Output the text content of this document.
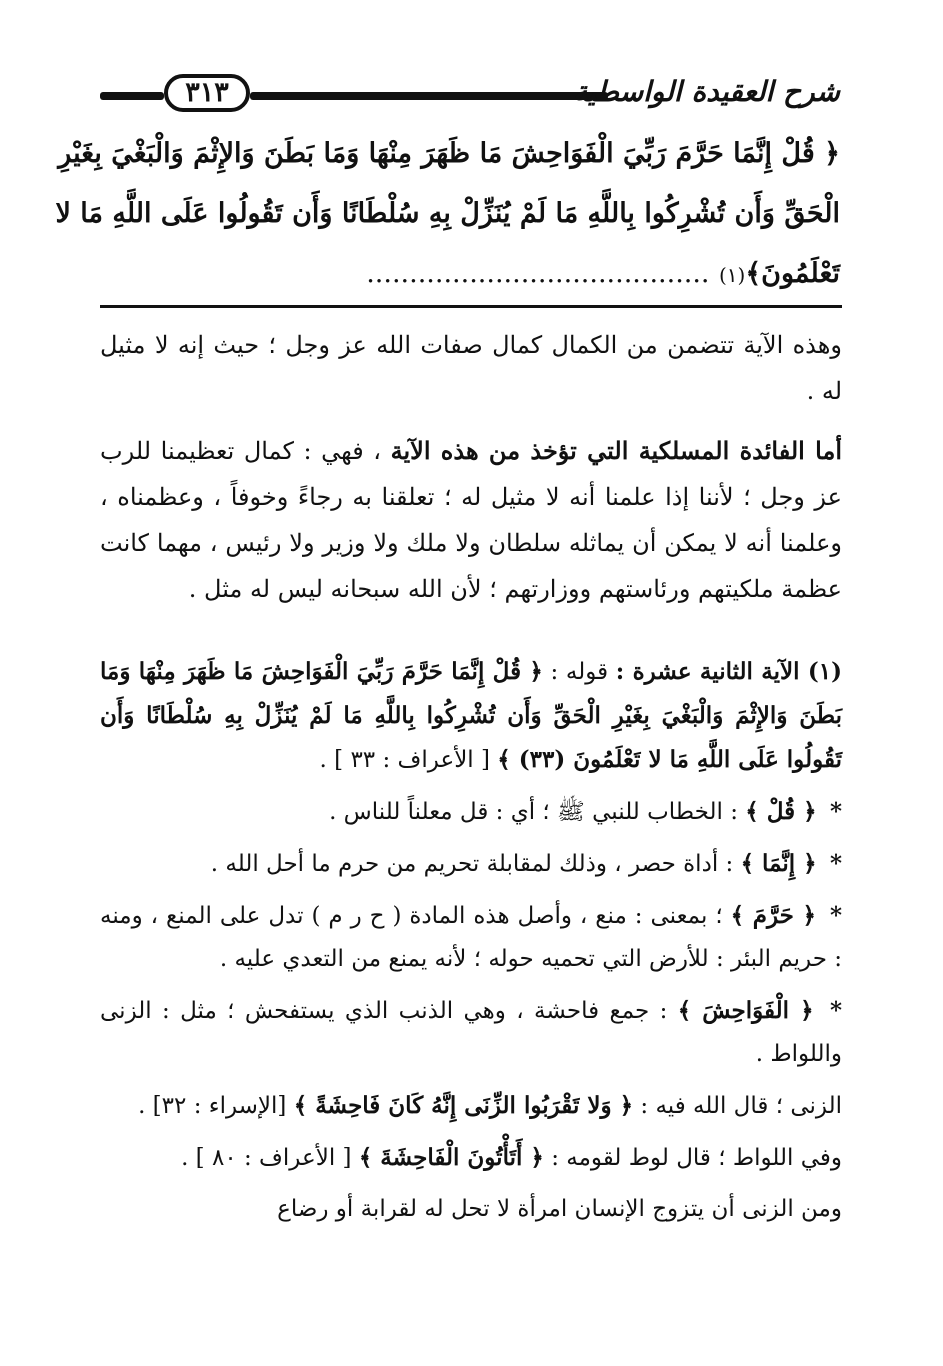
٣١٣	شرح العقيدة الواسطية
﴿ قُلْ إِنَّمَا حَرَّمَ رَبِّيَ الْفَوَاحِشَ مَا ظَهَرَ مِنْهَا وَمَا بَطَنَ وَالإِثْمَ وَالْبَغْيَ بِغَيْرِ
الْحَقِّ وَأَن تُشْرِكُوا بِاللَّهِ مَا لَمْ يُنَزِّلْ بِهِ سُلْطَانًا وَأَن تَقُولُوا عَلَى اللَّهِ مَا لا
تَعْلَمُونَ﴾(١) ........................................

وهذه الآية تتضمن من الكمال كمال صفات الله عز وجل ؛ حيث إنه لا مثيل له .

أما الفائدة المسلكية التي تؤخذ من هذه الآية ، فهي : كمال تعظيمنا للرب عز وجل ؛ لأننا إذا علمنا أنه لا مثيل له ؛ تعلقنا به رجاءً وخوفاً ، وعظمناه ، وعلمنا أنه لا يمكن أن يماثله سلطان ولا ملك ولا وزير ولا رئيس ، مهما كانت عظمة ملكيتهم ورئاستهم ووزارتهم ؛ لأن الله سبحانه ليس له مثل .

(١) الآية الثانية عشرة : قوله : ﴿ قُلْ إِنَّمَا حَرَّمَ رَبِّيَ الْفَوَاحِشَ مَا ظَهَرَ مِنْهَا وَمَا بَطَنَ وَالإِثْمَ وَالْبَغْيَ بِغَيْرِ الْحَقِّ وَأَن تُشْرِكُوا بِاللَّهِ مَا لَمْ يُنَزِّلْ بِهِ سُلْطَانًا وَأَن تَقُولُوا عَلَى اللَّهِ مَا لا تَعْلَمُونَ (٣٣) ﴾ [ الأعراف : ٣٣ ] .

* ﴿ قُلْ ﴾ : الخطاب للنبي ﷺ ؛ أي : قل معلناً للناس .

* ﴿ إِنَّمَا ﴾ : أداة حصر ، وذلك لمقابلة تحريم من حرم ما أحل الله .

* ﴿ حَرَّمَ ﴾ ؛ بمعنى : منع ، وأصل هذه المادة ( ح ر م ) تدل على المنع ، ومنه : حريم البئر : للأرض التي تحميه حوله ؛ لأنه يمنع من التعدي عليه .

* ﴿ الْفَوَاحِشَ ﴾ : جمع فاحشة ، وهي الذنب الذي يستفحش ؛ مثل : الزنى واللواط .

الزنى ؛ قال الله فيه : ﴿ وَلا تَقْرَبُوا الزِّنَى إِنَّهُ كَانَ فَاحِشَةً ﴾ [الإسراء : ٣٢] .

وفي اللواط ؛ قال لوط لقومه : ﴿ أَتَأْتُونَ الْفَاحِشَةَ ﴾ [ الأعراف : ٨٠ ] .

ومن الزنى أن يتزوج الإنسان امرأة لا تحل له لقرابة أو رضاع
